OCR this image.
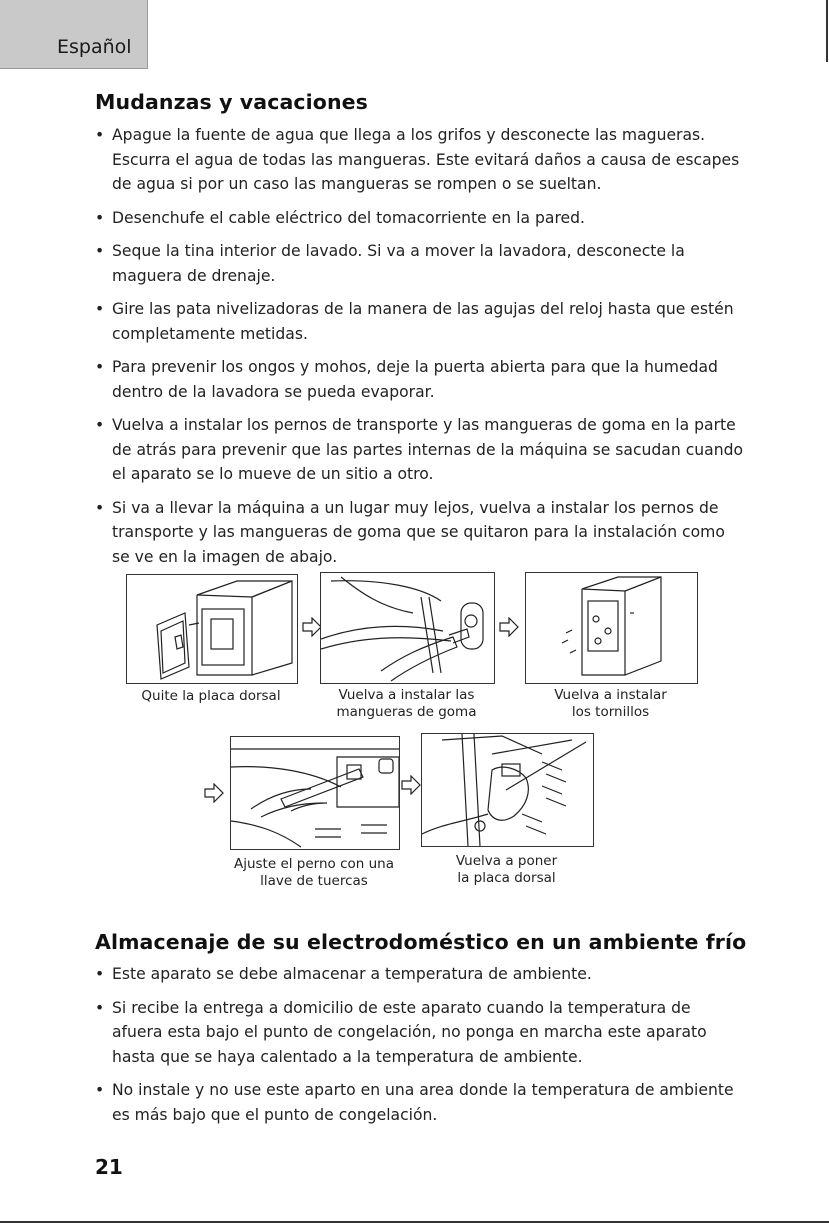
Español
Mudanzas y vacaciones
• Apague la fuente de agua que llega a los grifos y desconecte las magueras. Escurra el agua de todas las mangueras. Este evitará daños a causa de escapes de agua si por un caso las mangueras se rompen o se sueltan.
• Desenchufe el cable eléctrico del tomacorriente en la pared.
• Seque la tina interior de lavado. Si va a mover la lavadora, desconecte la maguera de drenaje.
• Gire las pata nivelizadoras de la manera de las agujas del reloj hasta que estén completamente metidas.
• Para prevenir los ongos y mohos, deje la puerta abierta para que la humedad dentro de la lavadora se pueda evaporar.
• Vuelva a instalar los pernos de transporte y las mangueras de goma en la parte de atrás para prevenir que las partes internas de la máquina se sacudan cuando el aparato se lo mueve de un sitio a otro.
• Si va a llevar la máquina a un lugar muy lejos, vuelva a instalar los pernos de transporte y las mangueras de goma que se quitaron para la instalación como se ve en la imagen de abajo.
Quite la placa dorsal	Vuelva a instalar las
mangueras de goma
Vuelva a instalar
los tornillos
Ajuste el perno con una
llave de tuercas
Vuelva a poner
la placa dorsal
Almacenaje de su electrodoméstico en un ambiente frío
• Este aparato se debe almacenar a temperatura de ambiente.
• Si recibe la entrega a domicilio de este aparato cuando la temperatura de afuera esta bajo el punto de congelación, no ponga en marcha este aparato hasta que se haya calentado a la temperatura de ambiente.
• No instale y no use este aparto en una area donde la temperatura de ambiente es más bajo que el punto de congelación.
21
